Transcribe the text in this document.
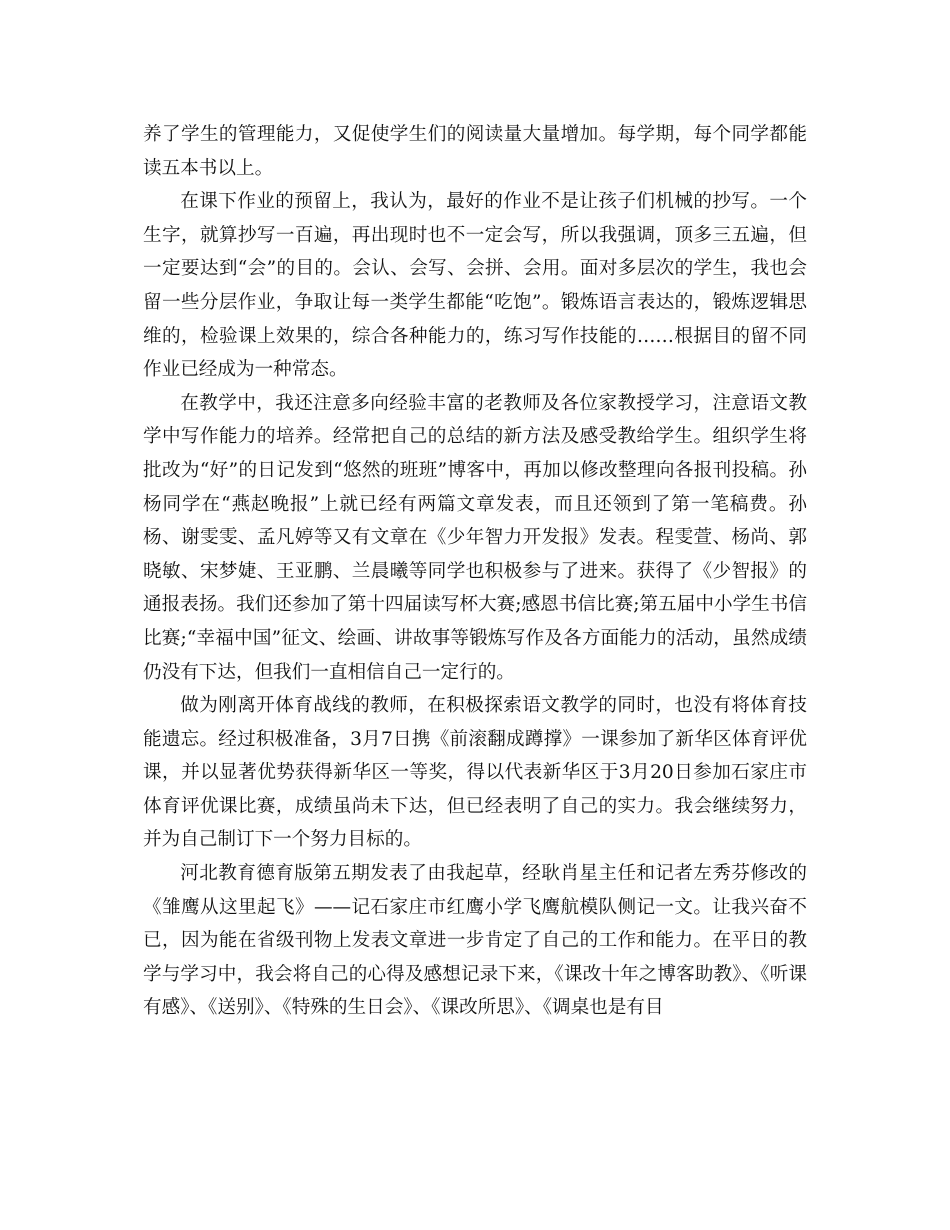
养了学生的管理能力，又促使学生们的阅读量大量增加。每学期，每个同学都能读五本书以上。

在课下作业的预留上，我认为，最好的作业不是让孩子们机械的抄写。一个生字，就算抄写一百遍，再出现时也不一定会写，所以我强调，顶多三五遍，但一定要达到“会”的目的。会认、会写、会拼、会用。面对多层次的学生，我也会留一些分层作业，争取让每一类学生都能“吃饱”。锻炼语言表达的，锻炼逻辑思维的，检验课上效果的，综合各种能力的，练习写作技能的……根据目的留不同作业已经成为一种常态。

在教学中，我还注意多向经验丰富的老教师及各位家教授学习，注意语文教学中写作能力的培养。经常把自己的总结的新方法及感受教给学生。组织学生将批改为“好”的日记发到“悠然的班班”博客中，再加以修改整理向各报刊投稿。孙杨同学在“燕赵晚报”上就已经有两篇文章发表，而且还领到了第一笔稿费。孙杨、谢雯雯、孟凡婷等又有文章在《少年智力开发报》发表。程雯萱、杨尚、郭晓敏、宋梦婕、王亚鹏、兰晨曦等同学也积极参与了进来。获得了《少智报》的通报表扬。我们还参加了第十四届读写杯大赛;感恩书信比赛;第五届中小学生书信比赛;“幸福中国”征文、绘画、讲故事等锻炼写作及各方面能力的活动，虽然成绩仍没有下达，但我们一直相信自己一定行的。

做为刚离开体育战线的教师，在积极探索语文教学的同时，也没有将体育技能遗忘。经过积极准备，3月7日携《前滚翻成蹲撑》一课参加了新华区体育评优课，并以显著优势获得新华区一等奖，得以代表新华区于3月20日参加石家庄市体育评优课比赛，成绩虽尚未下达，但已经表明了自己的实力。我会继续努力，并为自己制订下一个努力目标的。

河北教育德育版第五期发表了由我起草，经耿肖星主任和记者左秀芬修改的《雏鹰从这里起飞》——记石家庄市红鹰小学飞鹰航模队侧记一文。让我兴奋不已，因为能在省级刊物上发表文章进一步肯定了自己的工作和能力。在平日的教学与学习中，我会将自己的心得及感想记录下来，《课改十年之博客助教》、《听课有感》、《送别》、《特殊的生日会》、《课改所思》、《调桌也是有目
